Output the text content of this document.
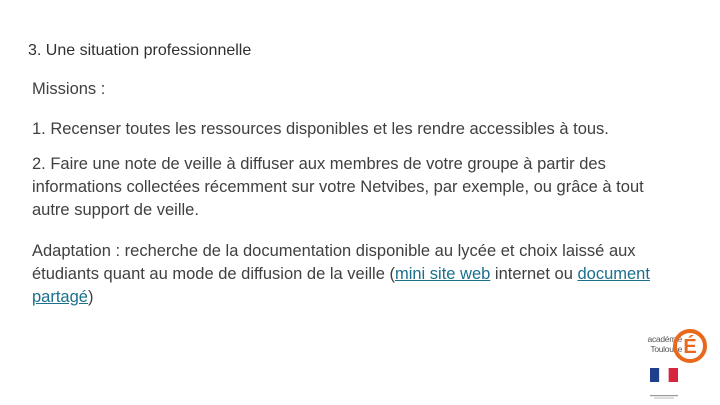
3. Une situation professionnelle

Missions :

1. Recenser toutes les ressources disponibles et les rendre accessibles à tous.

2. Faire une note de veille à diffuser aux membres de votre groupe à partir des informations collectées récemment sur votre Netvibes, par exemple, ou grâce à tout autre support de veille.

Adaptation : recherche de la documentation disponible au lycée et choix laissé aux étudiants quant au mode de diffusion de la veille (mini site web internet ou document partagé)

académie
Toulouse É
